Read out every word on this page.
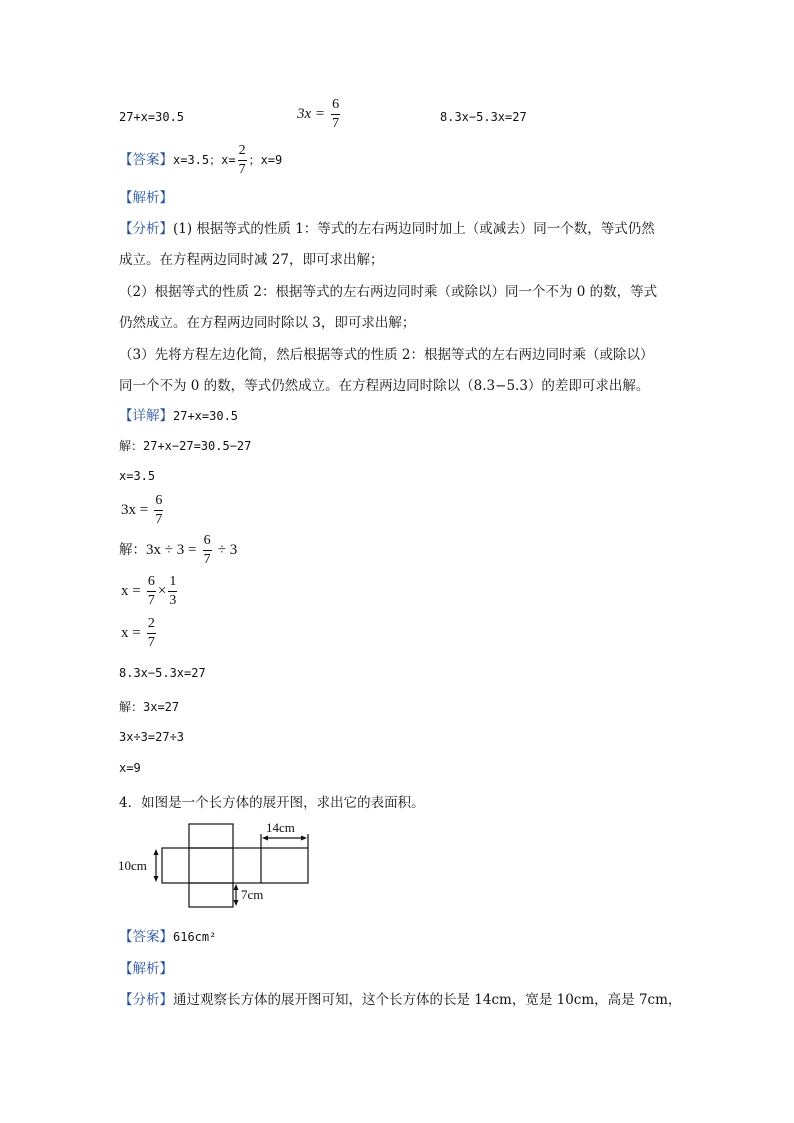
27+x=30.5	$3x = \frac{6}{7}$	8.3x−5.3x=27
【答案】x=3.5；$x= \frac{2}{7}$ ；x=9
【解析】
【分析】(1) 根据等式的性质 1：等式的左右两边同时加上（或减去）同一个数，等式仍然
成立。在方程两边同时减 27，即可求出解；
（2）根据等式的性质 2：根据等式的左右两边同时乘（或除以）同一个不为 0 的数，等式
仍然成立。在方程两边同时除以 3，即可求出解；
（3）先将方程左边化简，然后根据等式的性质 2：根据等式的左右两边同时乘（或除以）
同一个不为 0 的数，等式仍然成立。在方程两边同时除以（8.3−5.3）的差即可求出解。
【详解】27+x=30.5
解：27+x−27=30.5−27
x=3.5
$3x = \frac{6}{7}$
解：$3x \div 3 = \frac{6}{7} \div 3$
$x = \frac{6}{7} \times \frac{1}{3}$
$x = \frac{2}{7}$
8.3x−5.3x=27
解：3x=27
3x÷3=27÷3
x=9
4．如图是一个长方体的展开图，求出它的表面积。
14cm
10cm
7cm
【答案】616cm²
【解析】
【分析】通过观察长方体的展开图可知，这个长方体的长是 14cm，宽是 10cm，高是 7cm，
